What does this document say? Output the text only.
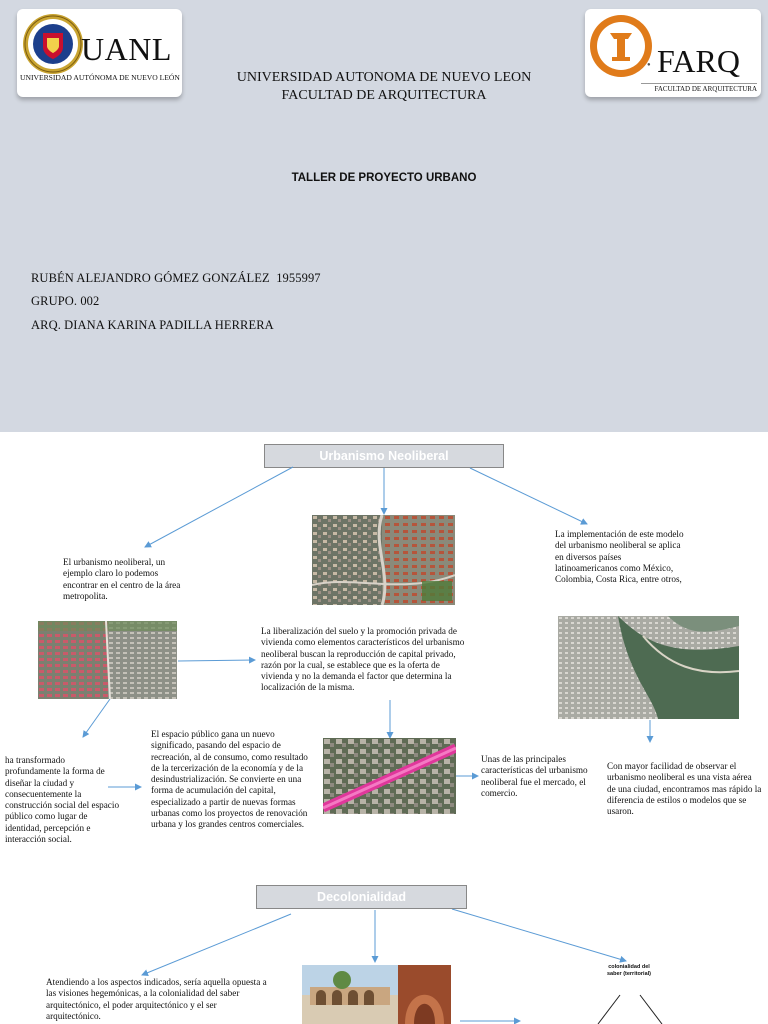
UANL
UNIVERSIDAD AUTÓNOMA DE NUEVO LEÓN
● FARQ
FACULTAD DE ARQUITECTURA
UNIVERSIDAD AUTONOMA DE NUEVO LEON
FACULTAD DE ARQUITECTURA
TALLER DE PROYECTO URBANO
RUBÉN ALEJANDRO GÓMEZ GONZÁLEZ  1955997
GRUPO. 002
ARQ. DIANA KARINA PADILLA HERRERA
Urbanismo Neoliberal
El urbanismo neoliberal, un ejemplo claro lo podemos encontrar en el centro de la área metropolita.
La implementación de este modelo del urbanismo neoliberal se aplica en diversos países latinoamericanos como México, Colombia, Costa Rica, entre otros,
La liberalización del suelo y la promoción privada de vivienda como elementos característicos del urbanismo neoliberal buscan la reproducción de capital privado, razón por la cual, se establece que es la oferta de vivienda y no la demanda el factor que determina la localización de la misma.
ha transformado profundamente la forma de diseñar la ciudad y consecuentemente la construcción social del espacio público como lugar de identidad, percepción e interacción social.
El espacio público gana un nuevo significado, pasando del espacio de recreación, al de consumo, como resultado de la tercerización de la economía y de la desindustrialización. Se convierte en una forma de acumulación del capital, especializado a partir de nuevas formas urbanas como los proyectos de renovación urbana y los grandes centros comerciales.
Unas de las principales características del urbanismo neoliberal fue el mercado, el comercio.
Con mayor facilidad de observar el urbanismo neoliberal es una vista aérea de una ciudad, encontramos mas rápido la diferencia de estilos o modelos que se usaron.
Decolonialidad
Atendiendo a los aspectos indicados, sería aquella opuesta a las visiones hegemónicas, a la colonialidad del saber arquitectónico, el poder arquitectónico y el ser arquitectónico.
colonialidad del saber (territorial)
